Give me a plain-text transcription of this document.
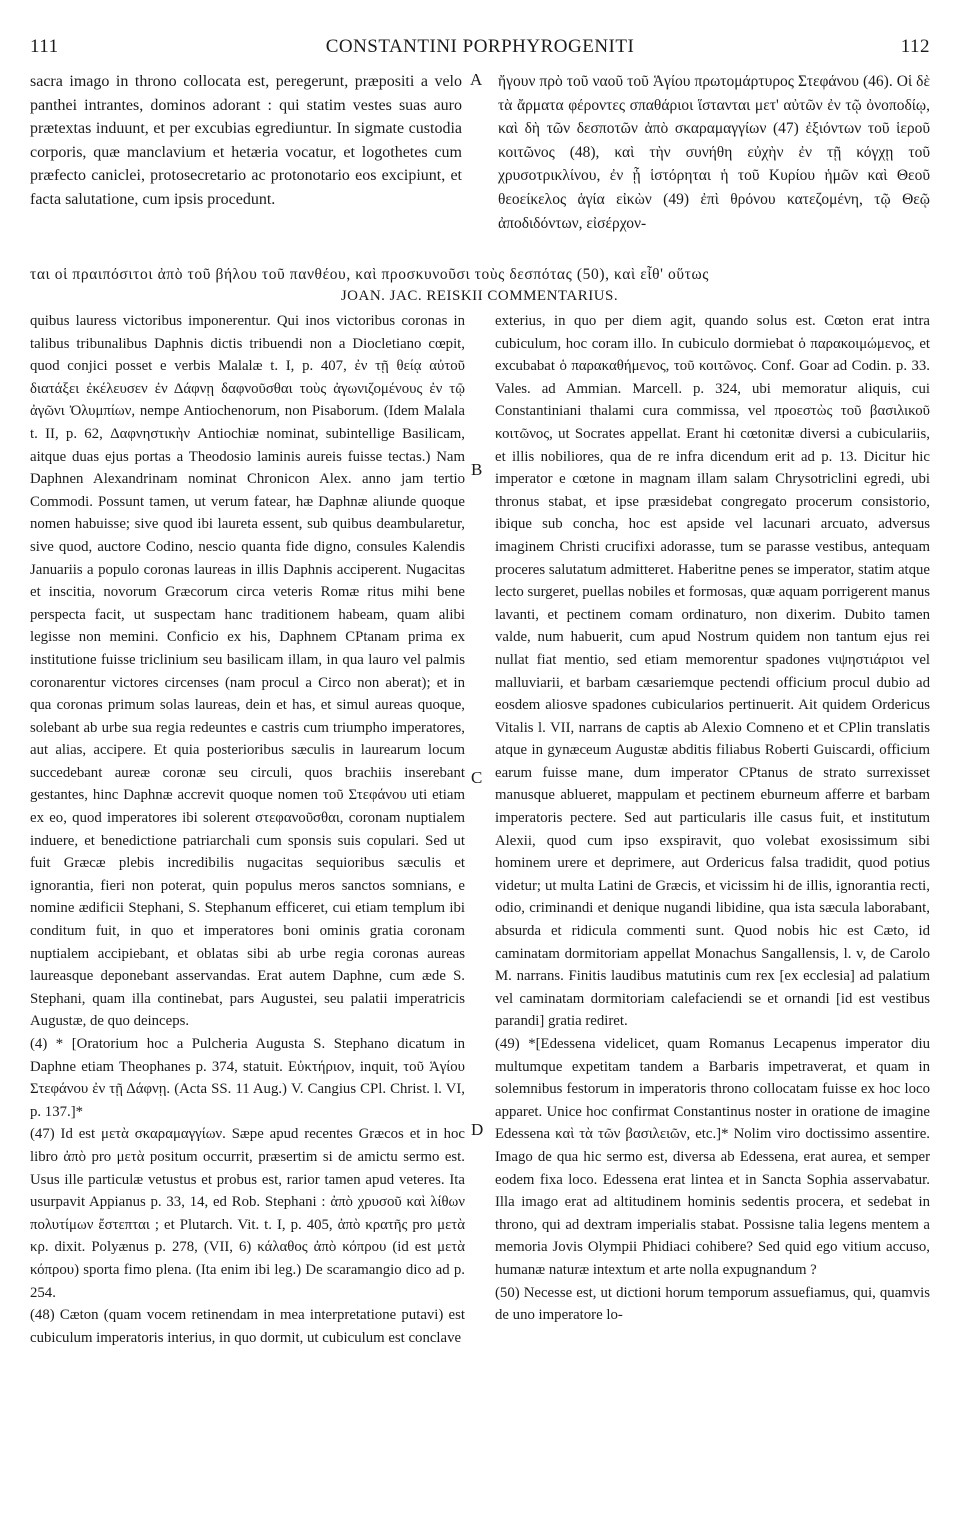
111	CONSTANTINI PORPHYROGENITI	112
A
B
C
D

sacra imago in throno collocata est, peregerunt, præpositi a velo panthei intrantes, dominos adorant : qui statim vestes suas auro prætextas induunt, et per excubias egrediuntur. In sigmate custodia corporis, quæ manclavium et hetæria vocatur, et logothetes cum præfecto caniclei, protosecretario ac protonotario eos excipiunt, et facta salutatione, cum ipsis procedunt.

ἤγουν πρὸ τοῦ ναοῦ τοῦ Ἁγίου πρωτομάρτυρος Στεφάνου (46). Οἱ δὲ τὰ ἄρματα φέροντες σπαθάριοι ἵστανται μετ' αὐτῶν ἐν τῷ ὀνοποδίῳ, καὶ δὴ τῶν δεσποτῶν ἀπὸ σκαραμαγγίων (47) ἐξιόντων τοῦ ἱεροῦ κοιτῶνος (48), καὶ τὴν συνήθη εὐχὴν ἐν τῇ κόγχῃ τοῦ χρυσοτρικλίνου, ἐν ᾗ ἱστόρηται ἡ τοῦ Κυρίου ἡμῶν καὶ Θεοῦ θεοείκελος ἁγία εἰκὼν (49) ἐπὶ θρόνου κατεζομένη, τῷ Θεῷ ἀποδιδόντων, εἰσέρχον-

ται οἱ πραιπόσιτοι ἀπὸ τοῦ βήλου τοῦ πανθέου, καὶ προσκυνοῦσι τοὺς δεσπότας (50), καὶ εἶθ' οὕτως
JOAN. JAC. REISKII COMMENTARIUS.

quibus lauress victoribus imponerentur. Qui inos victoribus coronas in talibus tribunalibus Daphnis dictis tribuendi non a Diocletiano cœpit, quod conjici posset e verbis Malalæ t. I, p. 407, ἐν τῇ θείᾳ αὐτοῦ διατάξει ἐκέλευσεν ἐν Δάφνῃ δαφνοῦσθαι τοὺς ἀγωνιζομένους ἐν τῷ ἀγῶνι Ὀλυμπίων, nempe Antiochenorum, non Pisaborum. (Idem Malala t. II, p. 62, Δαφνηστικὴν Antiochiæ nominat, subintellige Basilicam, aitque duas ejus portas a Theodosio laminis aureis fuisse tectas.) Nam Daphnen Alexandrinam nominat Chronicon Alex. anno jam tertio Commodi. Possunt tamen, ut verum fatear, hæ Daphnæ aliunde quoque nomen habuisse; sive quod ibi laureta essent, sub quibus deambularetur, sive quod, auctore Codino, nescio quanta fide digno, consules Kalendis Januariis a populo coronas laureas in illis Daphnis acciperent. Nugacitas et inscitia, novorum Græcorum circa veteris Romæ ritus mihi bene perspecta facit, ut suspectam hanc traditionem habeam, quam alibi legisse non memini. Conficio ex his, Daphnem CPtanam prima ex institutione fuisse triclinium seu basilicam illam, in qua lauro vel palmis coronarentur victores circenses (nam procul a Circo non aberat); et in qua coronas primum solas laureas, dein et has, et simul aureas quoque, solebant ab urbe sua regia redeuntes e castris cum triumpho imperatores, aut alias, accipere. Et quia posterioribus sæculis in laurearum locum succedebant aureæ coronæ seu circuli, quos brachiis inserebant gestantes, hinc Daphnæ accrevit quoque nomen τοῦ Στεφάνου uti etiam ex eo, quod imperatores ibi solerent στεφανοῦσθαι, coronam nuptialem induere, et benedictione patriarchali cum sponsis suis copulari. Sed ut fuit Græcæ plebis incredibilis nugacitas sequioribus sæculis et ignorantia, fieri non poterat, quin populus meros sanctos somnians, e nomine ædificii Stephani, S. Stephanum efficeret, cui etiam templum ibi conditum fuit, in quo et imperatores boni ominis gratia coronam nuptialem accipiebant, et oblatas sibi ab urbe regia coronas aureas laureasque deponebant asservandas. Erat autem Daphne, cum æde S. Stephani, quam illa continebat, pars Augustei, seu palatii imperatricis Augustæ, de quo deinceps.

(4) * [Oratorium hoc a Pulcheria Augusta S. Stephano dicatum in Daphne etiam Theophanes p. 374, statuit. Εὐκτήριον, inquit, τοῦ Ἁγίου Στεφάνου ἐν τῇ Δάφνῃ. (Acta SS. 11 Aug.) V. Cangius CPl. Christ. l. VI, p. 137.]*

(47) Id est μετὰ σκαραμαγγίων. Sæpe apud recentes Græcos et in hoc libro ἀπὸ pro μετὰ positum occurrit, præsertim si de amictu sermo est. Usus ille particulæ vetustus et probus est, rarior tamen apud veteres. Ita usurpavit Appianus p. 33, 14, ed Rob. Stephani : ἀπὸ χρυσοῦ καὶ λίθων πολυτίμων ἔστεπται ; et Plutarch. Vit. t. I, p. 405, ἀπὸ κρατῆς pro μετὰ κρ. dixit. Polyænus p. 278, (VII, 6) κάλαθος ἀπὸ κόπρου (id est μετὰ κόπρου) sporta fimo plena. (Ita enim ibi leg.) De scaramangio dico ad p. 254.

(48) Cæton (quam vocem retinendam in mea interpretatione putavi) est cubiculum imperatoris interius, in quo dormit, ut cubiculum est conclave

exterius, in quo per diem agit, quando solus est. Cœton erat intra cubiculum, hoc coram illo. In cubiculo dormiebat ὁ παρακοιμώμενος, et excubabat ὁ παρακαθήμενος, τοῦ κοιτῶνος. Conf. Goar ad Codin. p. 33. Vales. ad Ammian. Marcell. p. 324, ubi memoratur aliquis, cui Constantiniani thalami cura commissa, vel προεστὼς τοῦ βασιλικοῦ κοιτῶνος, ut Socrates appellat. Erant hi cœtonitæ diversi a cubiculariis, et illis nobiliores, qua de re infra dicendum erit ad p. 13. Dicitur hic imperator e cœtone in magnam illam salam Chrysotriclini egredi, ubi thronus stabat, et ipse præsidebat congregato procerum consistorio, ibique sub concha, hoc est apside vel lacunari arcuato, adversus imaginem Christi crucifixi adorasse, tum se parasse vestibus, antequam proceres salutatum admitteret. Haberitne penes se imperator, statim atque lecto surgeret, puellas nobiles et formosas, quæ aquam porrigerent manus lavanti, et pectinem comam ordinaturo, non dixerim. Dubito tamen valde, num habuerit, cum apud Nostrum quidem non tantum ejus rei nullat fiat mentio, sed etiam memorentur spadones νιψηστιάριοι vel malluviarii, et barbam cæsariemque pectendi officium procul dubio ad eosdem aliosve spadones cubicularios pertinuerit. Ait quidem Ordericus Vitalis l. VII, narrans de captis ab Alexio Comneno et et CPlin translatis atque in gynæceum Augustæ abditis filiabus Roberti Guiscardi, officium earum fuisse mane, dum imperator CPtanus de strato surrexisset manusque ablueret, mappulam et pectinem eburneum afferre et barbam imperatoris pectere. Sed aut particularis ille casus fuit, et institutum Alexii, quod cum ipso exspiravit, quo volebat exosissimum sibi hominem urere et deprimere, aut Ordericus falsa tradidit, quod potius videtur; ut multa Latini de Græcis, et vicissim hi de illis, ignorantia recti, odio, criminandi et denique nugandi libidine, qua ista sæcula laborabant, absurda et ridicula commenti sunt. Quod nobis hic est Cæto, id caminatam dormitoriam appellat Monachus Sangallensis, l. v, de Carolo M. narrans. Finitis laudibus matutinis cum rex [ex ecclesia] ad palatium vel caminatam dormitoriam calefaciendi se et ornandi [id est vestibus parandi] gratia rediret.

(49) *[Edessena videlicet, quam Romanus Lecapenus imperator diu multumque expetitam tandem a Barbaris impetraverat, et quam in solemnibus festorum in imperatoris throno collocatam fuisse ex hoc loco apparet. Unice hoc confirmat Constantinus noster in oratione de imagine Edessena καὶ τὰ τῶν βασιλειῶν, etc.]* Nolim viro doctissimo assentire. Imago de qua hic sermo est, diversa ab Edessena, erat aurea, et semper eodem fixa loco. Edessena erat lintea et in Sancta Sophia asservabatur. Illa imago erat ad altitudinem hominis sedentis procera, et sedebat in throno, qui ad dextram imperialis stabat. Possisne talia legens mentem a memoria Jovis Olympii Phidiaci cohibere? Sed quid ego vitium accuso, humanæ naturæ intextum et arte nolla expugnandum ?

(50) Necesse est, ut dictioni horum temporum assuefiamus, qui, quamvis de uno imperatore lo-
